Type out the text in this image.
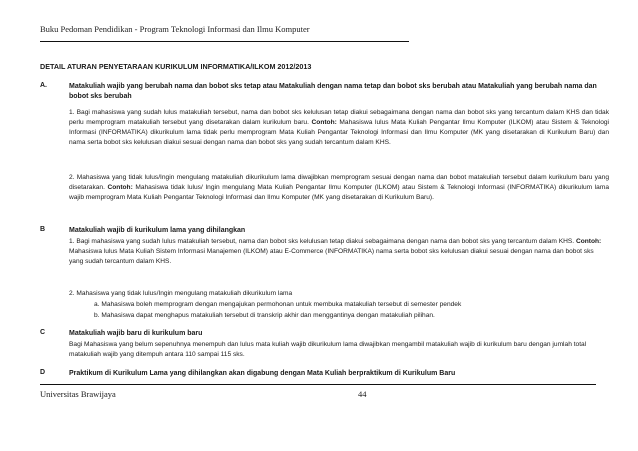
Buku Pedoman Pendidikan - Program Teknologi Informasi dan Ilmu Komputer
DETAIL ATURAN PENYETARAAN KURIKULUM INFORMATIKA/ILKOM 2012/2013
A.	Matakuliah wajib yang berubah nama dan bobot sks tetap atau Matakuliah dengan nama tetap dan bobot sks berubah atau Matakuliah yang berubah nama dan bobot sks berubah
1. Bagi mahasiswa yang sudah lulus matakuliah tersebut, nama dan bobot sks kelulusan tetap diakui sebagaimana dengan nama dan bobot sks yang tercantum dalam KHS dan tidak perlu memprogram matakuliah tersebut yang disetarakan dalam kurikulum baru. Contoh: Mahasiswa lulus Mata Kuliah Pengantar Ilmu Komputer (ILKOM) atau Sistem & Teknologi Informasi (INFORMATIKA) dikurikulum lama tidak perlu memprogram Mata Kuliah Pengantar Teknologi Informasi dan Ilmu Komputer (MK yang disetarakan di Kurikulum Baru) dan nama serta bobot sks kelulusan diakui sesuai dengan nama dan bobot sks yang sudah tercantum dalam KHS.
2. Mahasiswa yang tidak lulus/Ingin mengulang matakuliah dikurikulum lama diwajibkan memprogram sesuai dengan nama dan bobot matakuliah tersebut dalam kurikulum baru yang disetarakan. Contoh: Mahasiswa tidak lulus/ Ingin mengulang Mata Kuliah Pengantar Ilmu Komputer (ILKOM) atau Sistem & Teknologi Informasi (INFORMATIKA) dikurikulum lama wajib memprogram Mata Kuliah Pengantar Teknologi Informasi dan Ilmu Komputer (MK yang disetarakan di Kurikulum Baru).
B	Matakuliah wajib di kurikulum lama yang dihilangkan
1. Bagi mahasiswa yang sudah lulus matakuliah tersebut, nama dan bobot sks kelulusan tetap diakui sebagaimana dengan nama dan bobot sks yang tercantum dalam KHS. Contoh: Mahasiswa lulus Mata Kuliah Sistem Informasi Manajemen (ILKOM) atau E-Commerce (INFORMATIKA) nama serta bobot sks kelulusan diakui sesuai dengan nama dan bobot sks yang sudah tercantum dalam KHS.
2. Mahasiswa yang tidak lulus/Ingin mengulang matakuliah dikurikulum lama
a. Mahasiswa boleh memprogram dengan mengajukan permohonan untuk membuka matakuliah tersebut di semester pendek
b. Mahasiswa dapat menghapus matakuliah tersebut di transkrip akhir dan menggantinya dengan matakuliah pilihan.
C	Matakuliah wajib baru di kurikulum baru
Bagi Mahasiswa yang belum sepenuhnya menempuh dan lulus mata kuliah wajib dikurikulum lama diwajibkan mengambil matakuliah wajib di kurikulum baru dengan jumlah total matakuliah wajib yang ditempuh antara 110 sampai 115 sks.
D	Praktikum di Kurikulum Lama yang dihilangkan akan digabung dengan Mata Kuliah berpraktikum di Kurikulum Baru
Universitas Brawijaya	44
